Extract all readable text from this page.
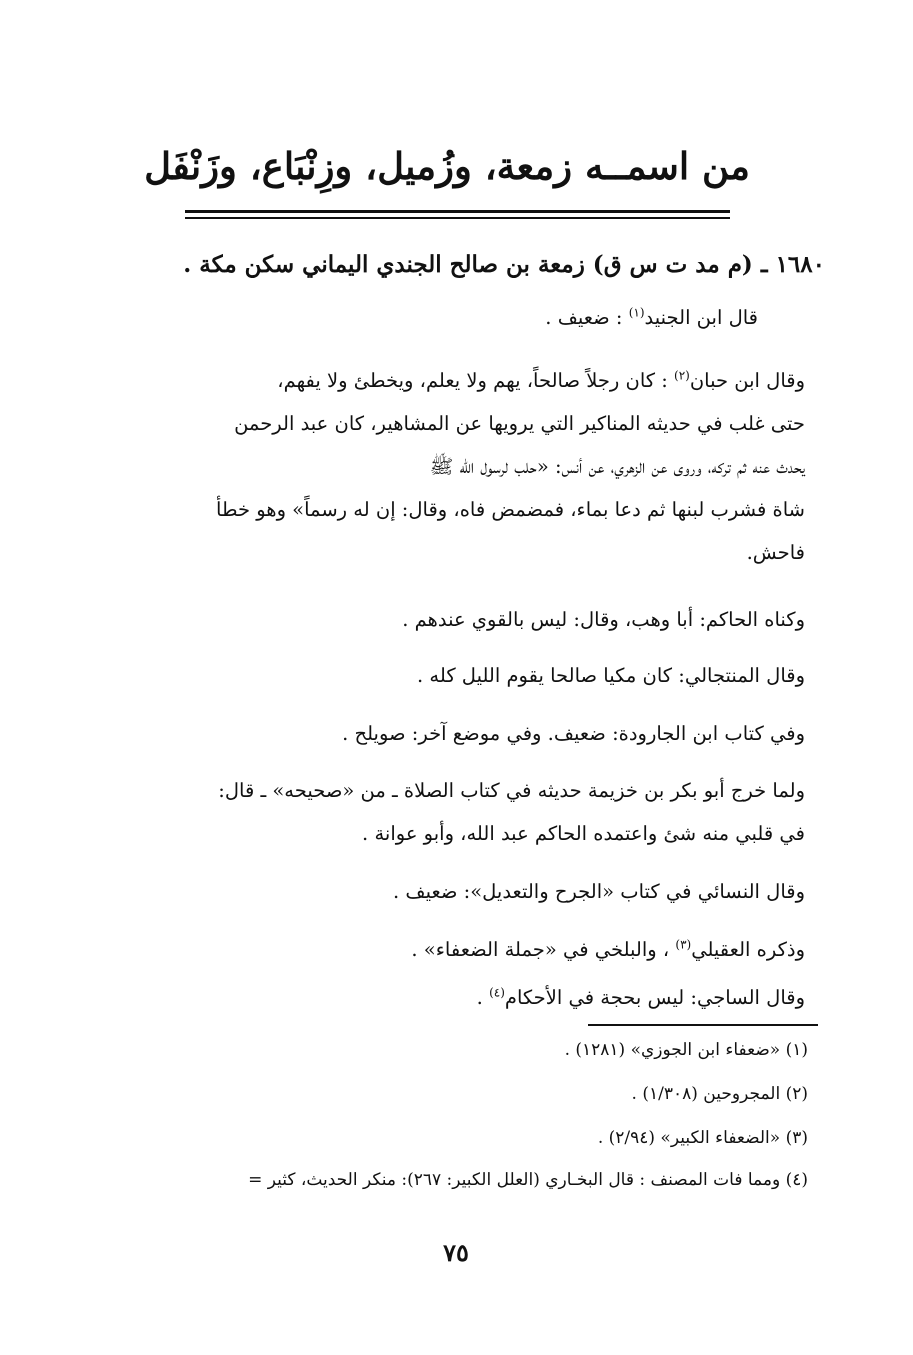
من اسمــه زمعة، وزُميل، وزِنْبَاع، وزَنْفَل
١٦٨٠ ـ (م مد ت س ق) زمعة بن صالح الجندي اليماني سكن مكة .
قال ابن الجنيد$^{(١)}$ : ضعيف .
وقال ابن حبان$^{(٢)}$ : كان رجلاً صالحاً، يهم ولا يعلم، ويخطئ ولا يفهم،
حتى غلب في حديثه المناكير التي يرويها عن المشاهير، كان عبد الرحمن
يحدث عنه ثم تركه، وروى عن الزهري، عن أنس: «حلب لرسول الله ﷺ
شاة فشرب لبنها ثم دعا بماء، فمضمض فاه، وقال: إن له رسماً» وهو خطأ
فاحش.
وكناه الحاكم: أبا وهب، وقال: ليس بالقوي عندهم .
وقال المنتجالي: كان مكيا صالحا يقوم الليل كله .
وفي كتاب ابن الجارودة: ضعيف. وفي موضع آخر: صويلح .
ولما خرج أبو بكر بن خزيمة حديثه في كتاب الصلاة ـ من «صحيحه» ـ قال:
في قلبي منه شئ واعتمده الحاكم عبد الله، وأبو عوانة .
وقال النسائي في كتاب «الجرح والتعديل»: ضعيف .
وذكره العقيلي$^{(٣)}$ ، والبلخي في «جملة الضعفاء» .
وقال الساجي: ليس بحجة في الأحكام$^{(٤)}$ .
(١) «ضعفاء ابن الجوزي» (١٢٨١) .
(٢) المجروحين (١/٣٠٨) .
(٣) «الضعفاء الكبير» (٢/٩٤) .
(٤) ومما فات المصنف : قال البخـاري (العلل الكبير: ٢٦٧): منكر الحديث، كثير =
٧٥
